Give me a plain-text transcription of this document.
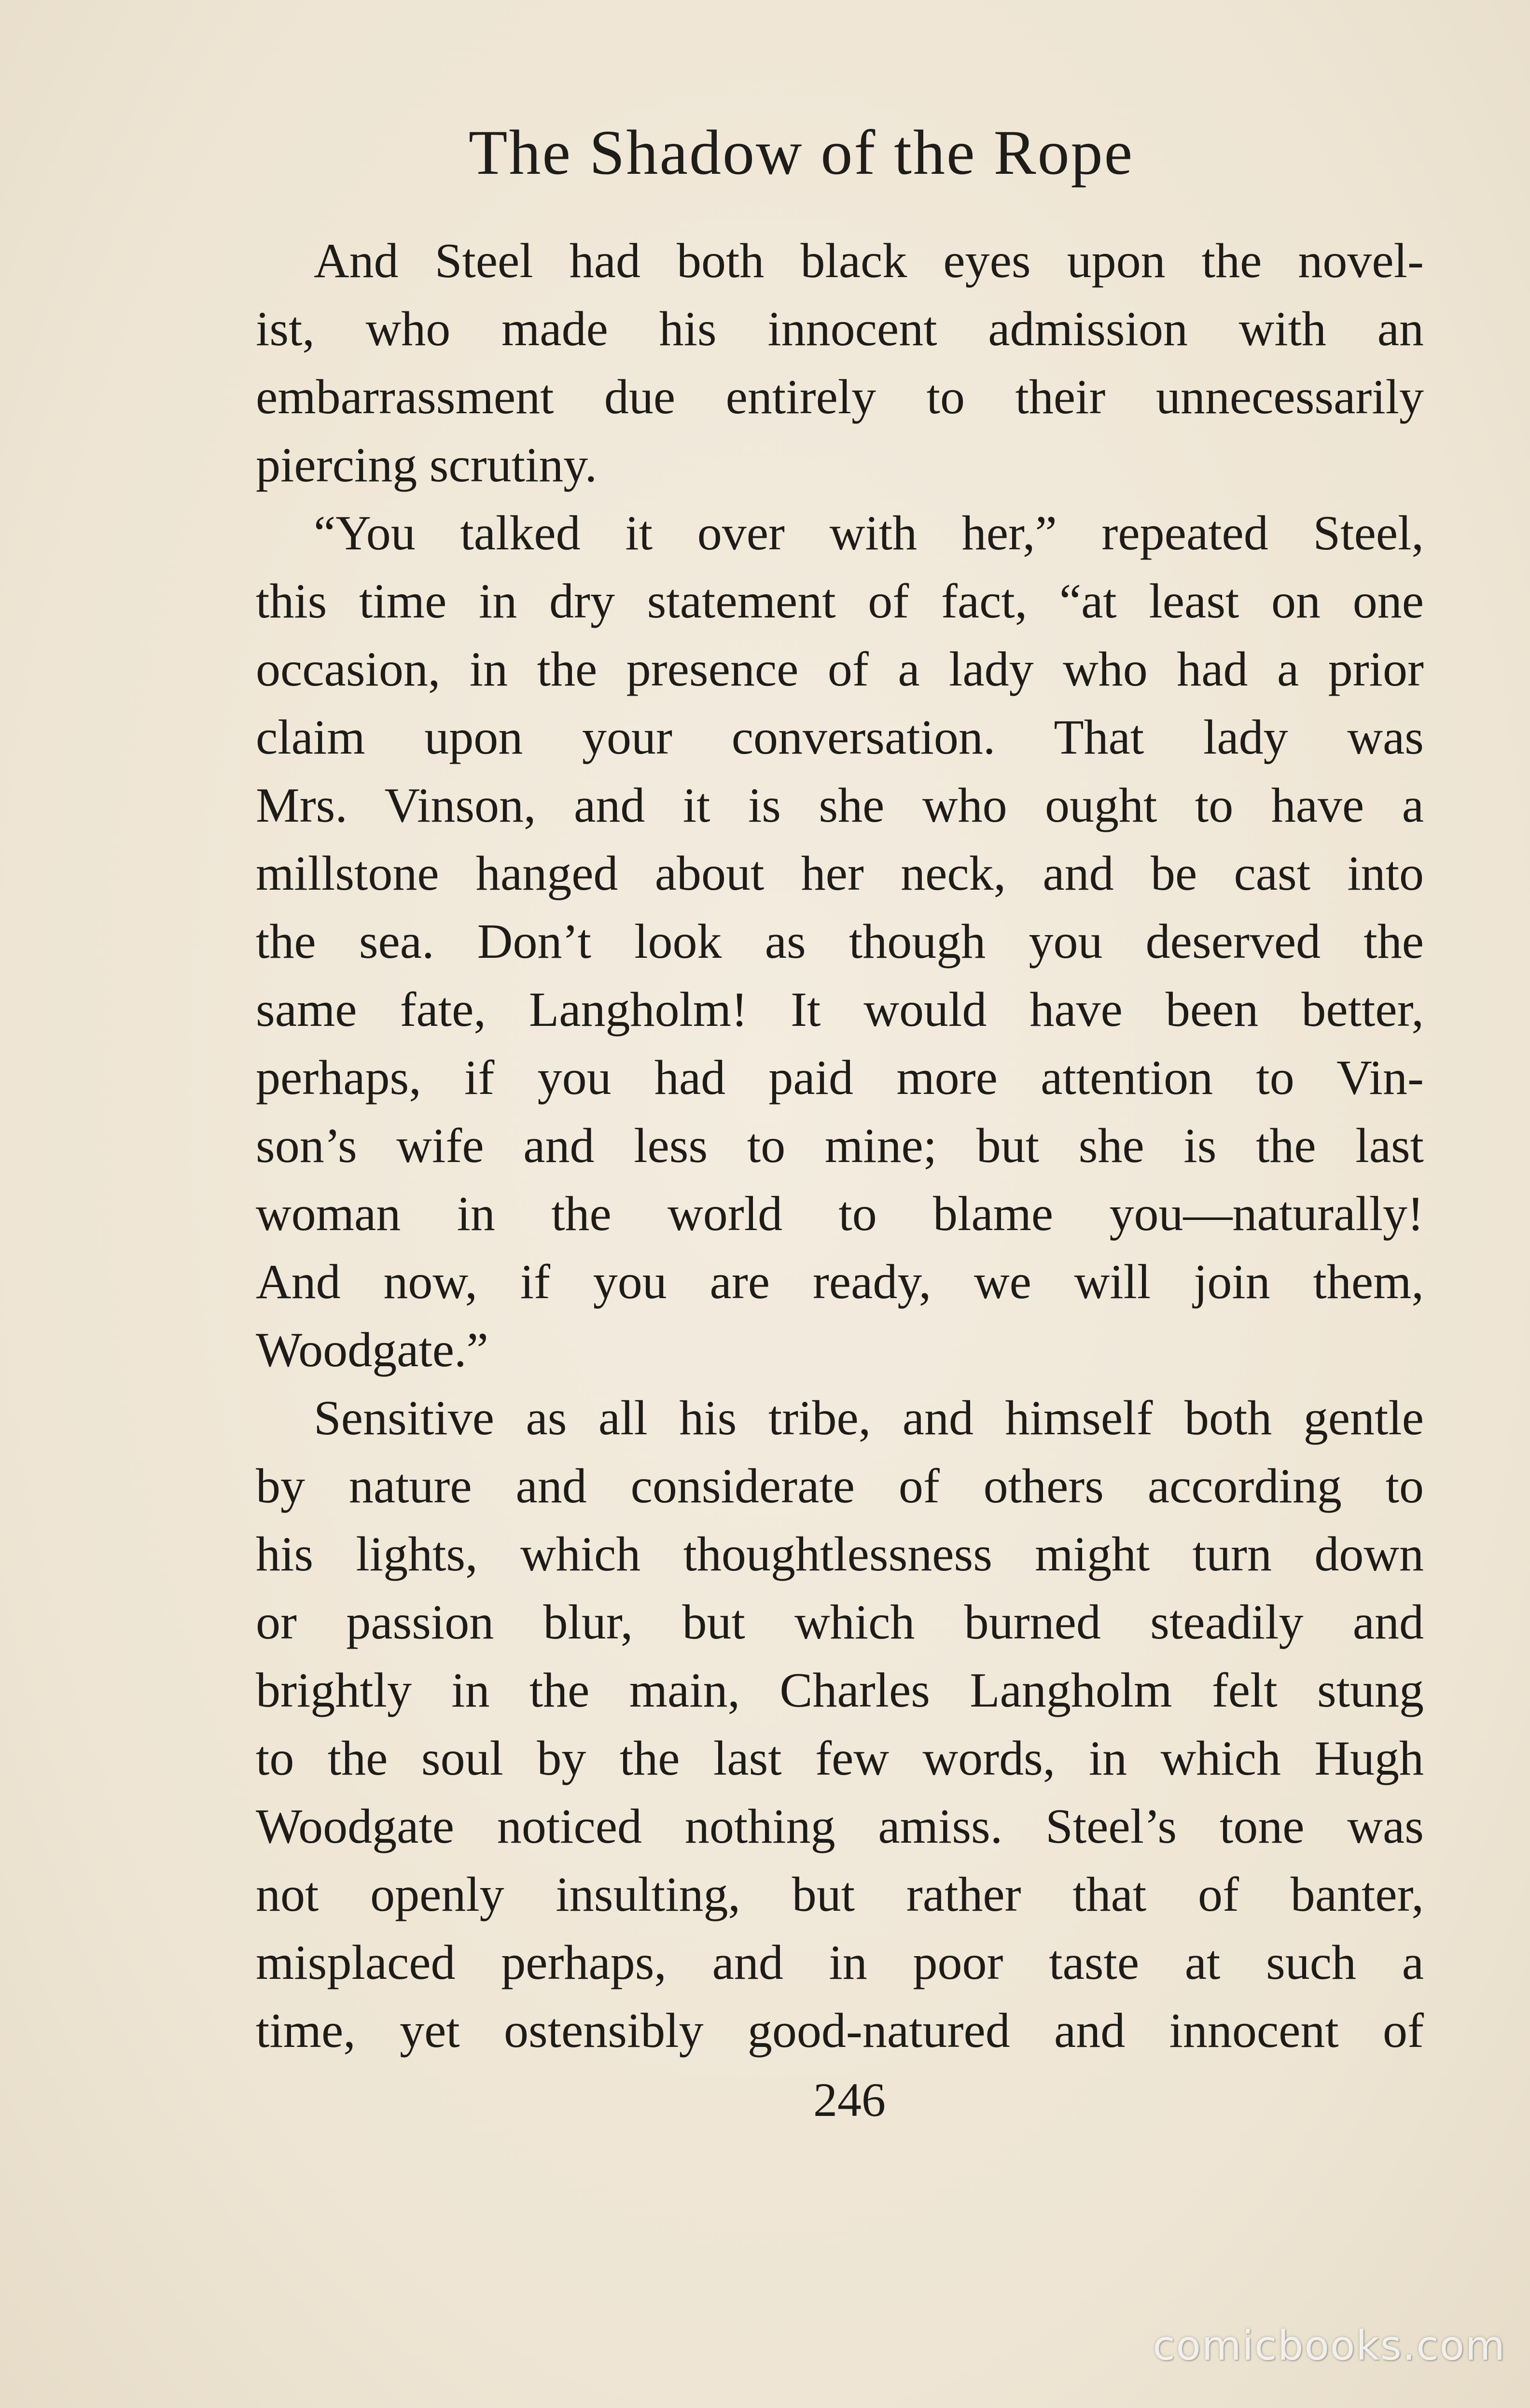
The Shadow of the Rope
And Steel had both black eyes upon the novel-
ist, who made his innocent admission with an
embarrassment due entirely to their unnecessarily
piercing scrutiny.
“You talked it over with her,” repeated Steel,
this time in dry statement of fact, “at least on one
occasion, in the presence of a lady who had a prior
claim upon your conversation. That lady was
Mrs. Vinson, and it is she who ought to have a
millstone hanged about her neck, and be cast into
the sea. Don’t look as though you deserved the
same fate, Langholm! It would have been better,
perhaps, if you had paid more attention to Vin-
son’s wife and less to mine; but she is the last
woman in the world to blame you—naturally!
And now, if you are ready, we will join them,
Woodgate.”
Sensitive as all his tribe, and himself both gentle
by nature and considerate of others according to
his lights, which thoughtlessness might turn down
or passion blur, but which burned steadily and
brightly in the main, Charles Langholm felt stung
to the soul by the last few words, in which Hugh
Woodgate noticed nothing amiss. Steel’s tone was
not openly insulting, but rather that of banter,
misplaced perhaps, and in poor taste at such a
time, yet ostensibly good-natured and innocent of
246
comicbooks.com
